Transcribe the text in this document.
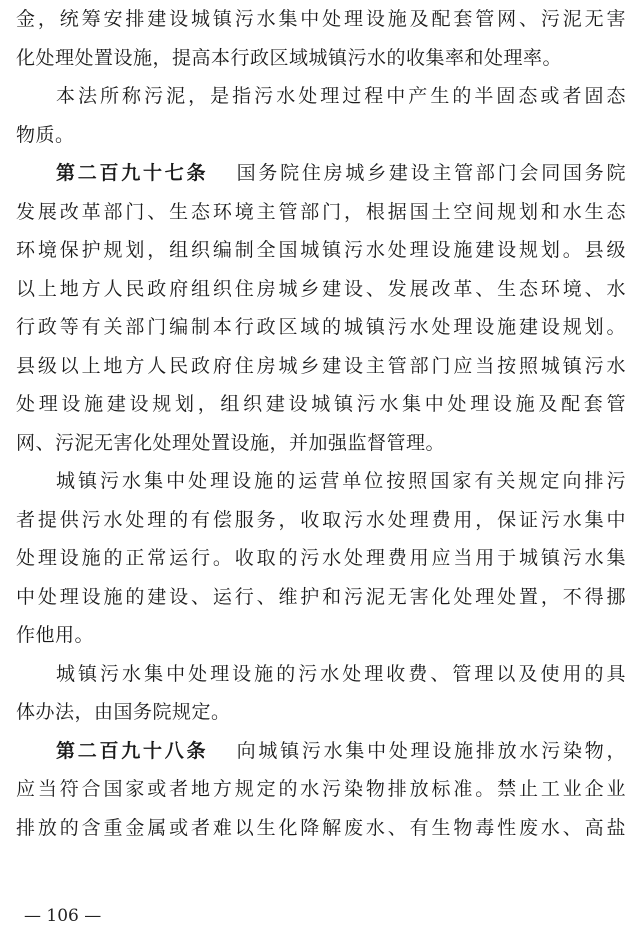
金，统筹安排建设城镇污水集中处理设施及配套管网、污泥无害
化处理处置设施，提高本行政区域城镇污水的收集率和处理率。
本法所称污泥，是指污水处理过程中产生的半固态或者固态
物质。
第二百九十七条 国务院住房城乡建设主管部门会同国务院
发展改革部门、生态环境主管部门，根据国土空间规划和水生态
环境保护规划，组织编制全国城镇污水处理设施建设规划。县级
以上地方人民政府组织住房城乡建设、发展改革、生态环境、水
行政等有关部门编制本行政区域的城镇污水处理设施建设规划。
县级以上地方人民政府住房城乡建设主管部门应当按照城镇污水
处理设施建设规划，组织建设城镇污水集中处理设施及配套管
网、污泥无害化处理处置设施，并加强监督管理。
城镇污水集中处理设施的运营单位按照国家有关规定向排污
者提供污水处理的有偿服务，收取污水处理费用，保证污水集中
处理设施的正常运行。收取的污水处理费用应当用于城镇污水集
中处理设施的建设、运行、维护和污泥无害化处理处置，不得挪
作他用。
城镇污水集中处理设施的污水处理收费、管理以及使用的具
体办法，由国务院规定。
第二百九十八条 向城镇污水集中处理设施排放水污染物，
应当符合国家或者地方规定的水污染物排放标准。禁止工业企业
排放的含重金属或者难以生化降解废水、有生物毒性废水、高盐
— 106 —
